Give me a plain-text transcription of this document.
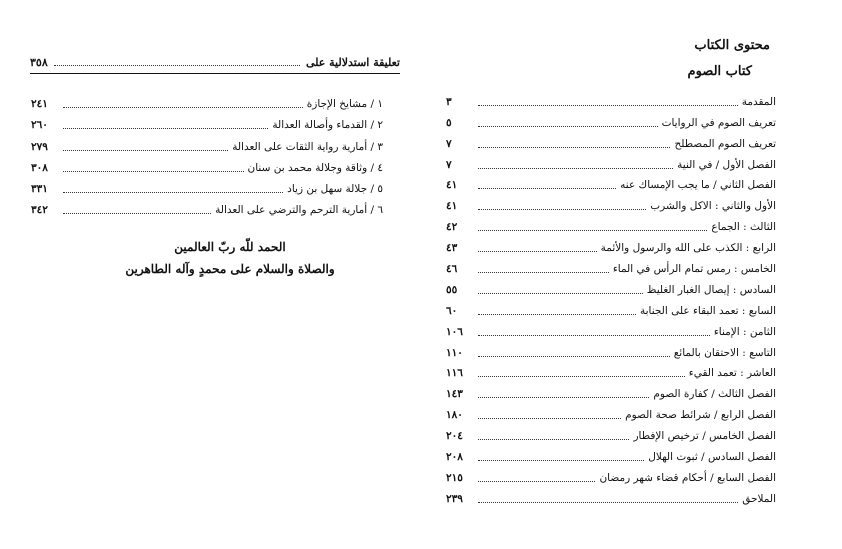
تعليقة استدلالية على
٣٥٨
١ / مشايخ الإجازة
٢٤١
٢ / القدماء وأصالة العدالة
٢٦٠
٣ / أمارية رواية الثقات على العدالة
٢٧٩
٤ / وثاقة وجلالة محمد بن سنان
٣٠٨
٥ / جلالة سهل بن زياد
٣٣١
٦ / أمارية الترحم والترضي على العدالة
٣٤٢
الحمد للّه ربّ العالمين
والصلاة والسلام على محمدٍ وآله الطاهرين
محتوى الكتاب
كتاب الصوم
المقدمة
٣
تعريف الصوم في الروايات
٥
تعريف الصوم المصطلح
٧
الفصل الأول / في النية
٧
الفصل الثاني / ما يجب الإمساك عنه
٤١
الأول والثاني : الاكل والشرب
٤١
الثالث : الجماع
٤٢
الرابع : الكذب على الله والرسول والأئمة
٤٣
الخامس : رمس تمام الرأس في الماء
٤٦
السادس : إيصال الغبار الغليظ
٥٥
السابع : تعمد البقاء على الجنابة
٦٠
الثامن : الإمناء
١٠٦
التاسع : الاحتقان بالمائع
١١٠
العاشر : تعمد القيء
١١٦
الفصل الثالث / كفارة الصوم
١٤٣
الفصل الرابع / شرائط صحة الصوم
١٨٠
الفصل الخامس / ترخيص الإفطار
٢٠٤
الفصل السادس / ثبوت الهلال
٢٠٨
الفصل السابع / أحكام قضاء شهر رمضان
٢١٥
الملاحق
٢٣٩
